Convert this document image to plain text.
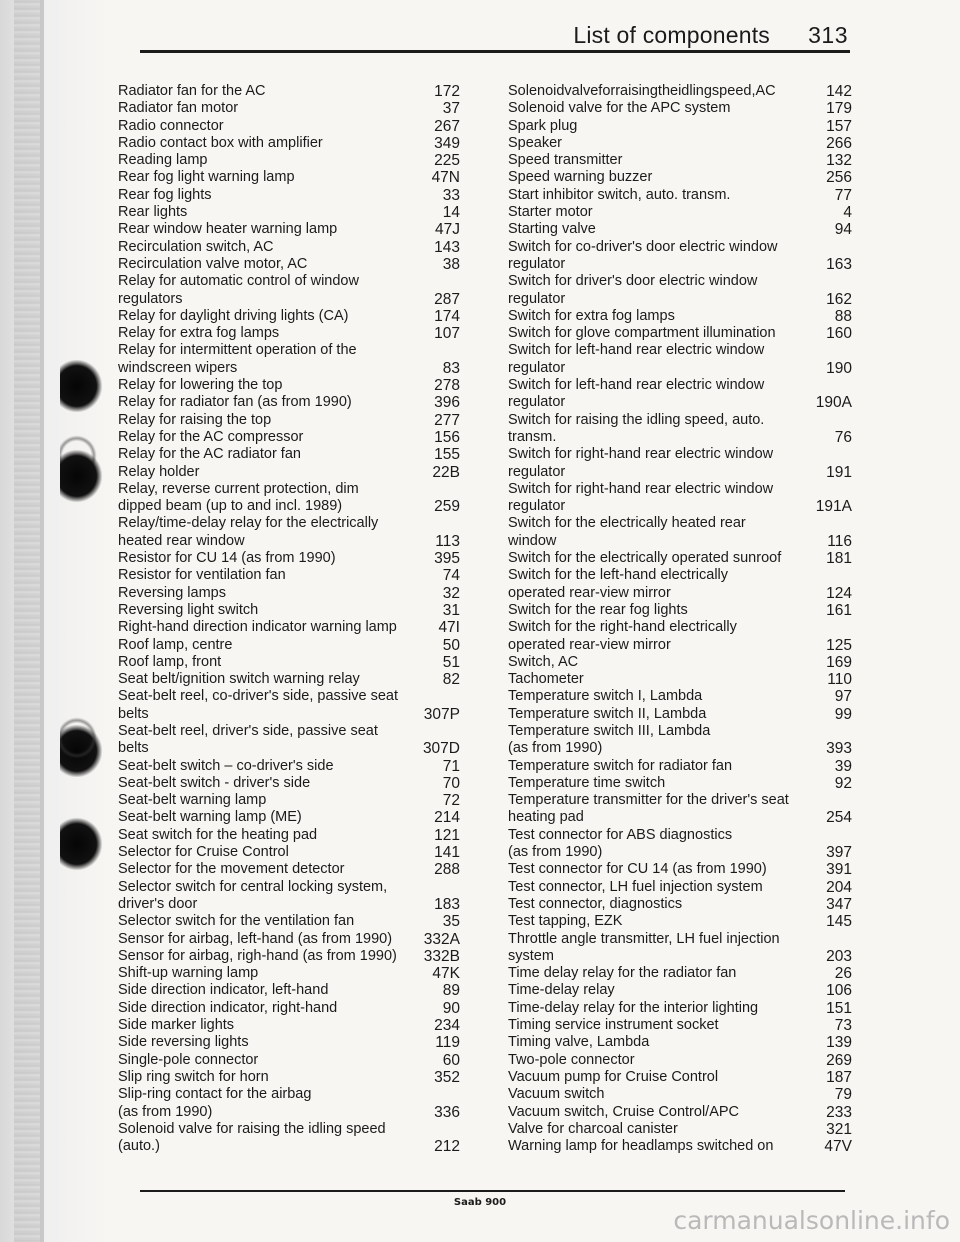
List of components 313
Radiator fan for the AC	172
Radiator fan motor	37
Radio connector	267
Radio contact box with amplifier	349
Reading lamp	225
Rear fog light warning lamp	47N
Rear fog lights	33
Rear lights	14
Rear window heater warning lamp	47J
Recirculation switch, AC	143
Recirculation valve motor, AC	38
Relay for automatic control of window
regulators	287
Relay for daylight driving lights (CA)	174
Relay for extra fog lamps	107
Relay for intermittent operation of the
windscreen wipers	83
Relay for lowering the top	278
Relay for radiator fan (as from 1990)	396
Relay for raising the top	277
Relay for the AC compressor	156
Relay for the AC radiator fan	155
Relay holder	22B
Relay, reverse current protection, dim
dipped beam (up to and incl. 1989)	259
Relay/time-delay relay for the electrically
heated rear window	113
Resistor for CU 14 (as from 1990)	395
Resistor for ventilation fan	74
Reversing lamps	32
Reversing light switch	31
Right-hand direction indicator warning lamp	47I
Roof lamp, centre	50
Roof lamp, front	51
Seat belt/ignition switch warning relay	82
Seat-belt reel, co-driver's side, passive seat
belts	307P
Seat-belt reel, driver's side, passive seat
belts	307D
Seat-belt switch – co-driver's side	71
Seat-belt switch - driver's side	70
Seat-belt warning lamp	72
Seat-belt warning lamp (ME)	214
Seat switch for the heating pad	121
Selector for Cruise Control	141
Selector for the movement detector	288
Selector switch for central locking system,
driver's door	183
Selector switch for the ventilation fan	35
Sensor for airbag, left-hand (as from 1990)	332A
Sensor for airbag, righ-hand (as from 1990)	332B
Shift-up warning lamp	47K
Side direction indicator, left-hand	89
Side direction indicator, right-hand	90
Side marker lights	234
Side reversing lights	119
Single-pole connector	60
Slip ring switch for horn	352
Slip-ring contact for the airbag
(as from 1990)	336
Solenoid valve for raising the idling speed
(auto.)	212
Solenoidvalveforraisingtheidlingspeed,AC	142
Solenoid valve for the APC system	179
Spark plug	157
Speaker	266
Speed transmitter	132
Speed warning buzzer	256
Start inhibitor switch, auto. transm.	77
Starter motor	4
Starting valve	94
Switch for co-driver's door electric window
regulator	163
Switch for driver's door electric window
regulator	162
Switch for extra fog lamps	88
Switch for glove compartment illumination	160
Switch for left-hand rear electric window
regulator	190
Switch for left-hand rear electric window
regulator	190A
Switch for raising the idling speed, auto.
transm.	76
Switch for right-hand rear electric window
regulator	191
Switch for right-hand rear electric window
regulator	191A
Switch for the electrically heated rear
window	116
Switch for the electrically operated sunroof	181
Switch for the left-hand electrically
operated rear-view mirror	124
Switch for the rear fog lights	161
Switch for the right-hand electrically
operated rear-view mirror	125
Switch, AC	169
Tachometer	110
Temperature switch I, Lambda	97
Temperature switch II, Lambda	99
Temperature switch III, Lambda
(as from 1990)	393
Temperature switch for radiator fan	39
Temperature time switch	92
Temperature transmitter for the driver's seat
heating pad	254
Test connector for ABS diagnostics
(as from 1990)	397
Test connector for CU 14 (as from 1990)	391
Test connector, LH fuel injection system	204
Test connector, diagnostics	347
Test tapping, EZK	145
Throttle angle transmitter, LH fuel injection
system	203
Time delay relay for the radiator fan	26
Time-delay relay	106
Time-delay relay for the interior lighting	151
Timing service instrument socket	73
Timing valve, Lambda	139
Two-pole connector	269
Vacuum pump for Cruise Control	187
Vacuum switch	79
Vacuum switch, Cruise Control/APC	233
Valve for charcoal canister	321
Warning lamp for headlamps switched on	47V
Saab 900
carmanualsonline.info
